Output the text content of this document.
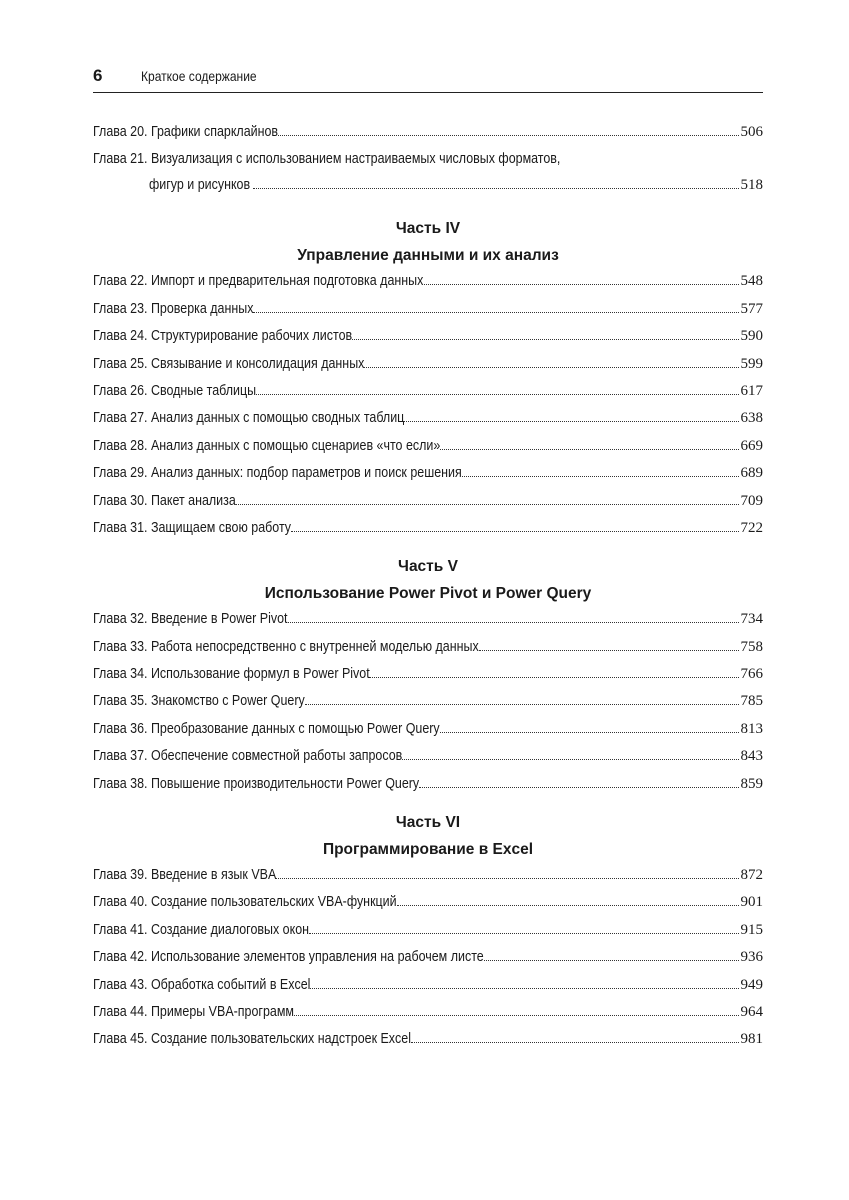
6	Краткое содержание
Глава 20. Графики спарклайнов	506
Глава 21. Визуализация с использованием настраиваемых числовых форматов,
фигур и рисунков	518
Часть IV
Управление данными и их анализ
Глава 22. Импорт и предварительная подготовка данных	548
Глава 23. Проверка данных	577
Глава 24. Структурирование рабочих листов	590
Глава 25. Связывание и консолидация данных	599
Глава 26. Сводные таблицы	617
Глава 27. Анализ данных с помощью сводных таблиц	638
Глава 28. Анализ данных с помощью сценариев «что если»	669
Глава 29. Анализ данных: подбор параметров и поиск решения	689
Глава 30. Пакет анализа	709
Глава 31. Защищаем свою работу	722
Часть V
Использование Power Pivot и Power Query
Глава 32. Введение в Power Pivot	734
Глава 33. Работа непосредственно с внутренней моделью данных	758
Глава 34. Использование формул в Power Pivot	766
Глава 35. Знакомство с Power Query	785
Глава 36. Преобразование данных с помощью Power Query	813
Глава 37. Обеспечение совместной работы запросов	843
Глава 38. Повышение производительности Power Query	859
Часть VI
Программирование в Excel
Глава 39. Введение в язык VBA	872
Глава 40. Создание пользовательских VBA-функций	901
Глава 41. Создание диалоговых окон	915
Глава 42. Использование элементов управления на рабочем листе	936
Глава 43. Обработка событий в Excel	949
Глава 44. Примеры VBA-программ	964
Глава 45. Создание пользовательских надстроек Excel	981
